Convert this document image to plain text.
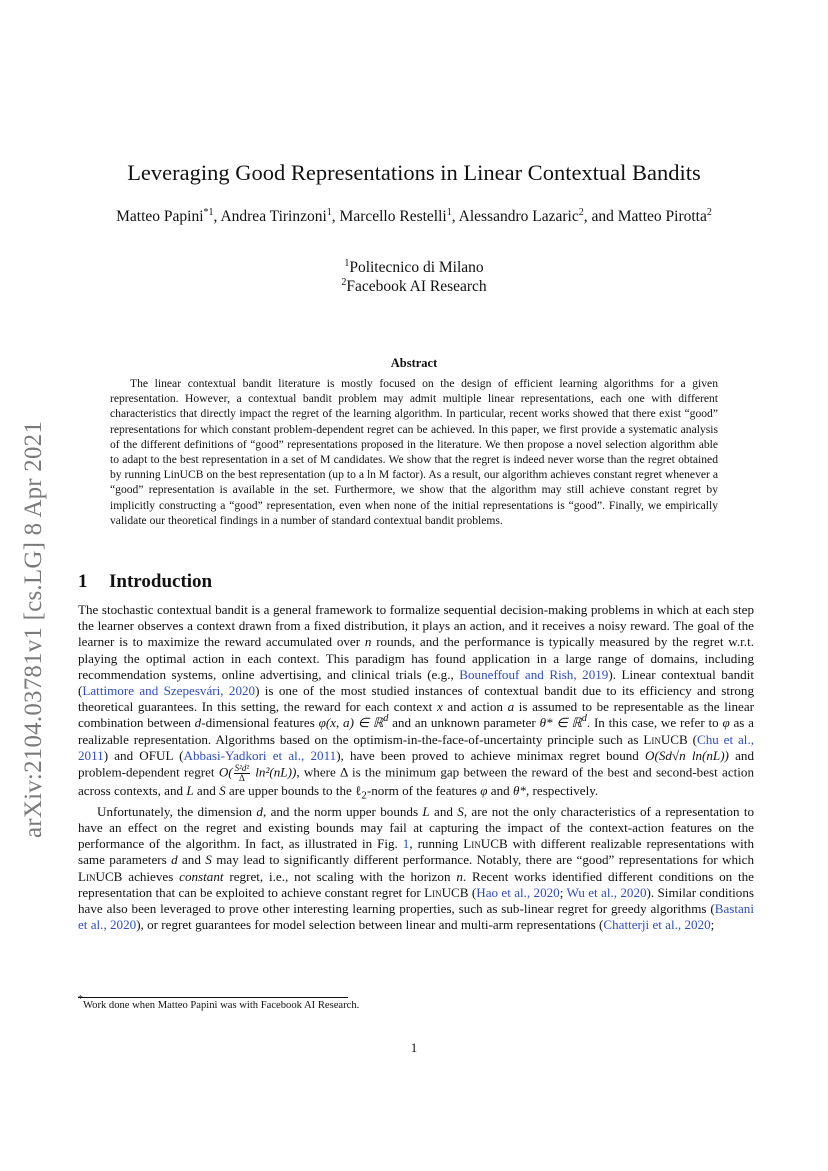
arXiv:2104.03781v1 [cs.LG] 8 Apr 2021
Leveraging Good Representations in Linear Contextual Bandits
Matteo Papini$^{*1}$, Andrea Tirinzoni$^1$, Marcello Restelli$^1$, Alessandro Lazaric$^2$, and Matteo Pirotta$^2$
$^1$Politecnico di Milano
$^2$Facebook AI Research
Abstract
The linear contextual bandit literature is mostly focused on the design of efficient learning algorithms for a given representation. However, a contextual bandit problem may admit multiple linear representations, each one with different characteristics that directly impact the regret of the learning algorithm. In particular, recent works showed that there exist “good” representations for which constant problem-dependent regret can be achieved. In this paper, we first provide a systematic analysis of the different definitions of “good” representations proposed in the literature. We then propose a novel selection algorithm able to adapt to the best representation in a set of M candidates. We show that the regret is indeed never worse than the regret obtained by running LinUCB on the best representation (up to a ln M factor). As a result, our algorithm achieves constant regret whenever a “good” representation is available in the set. Furthermore, we show that the algorithm may still achieve constant regret by implicitly constructing a “good” representation, even when none of the initial representations is “good”. Finally, we empirically validate our theoretical findings in a number of standard contextual bandit problems.
1 Introduction

The stochastic contextual bandit is a general framework to formalize sequential decision-making problems in which at each step the learner observes a context drawn from a fixed distribution, it plays an action, and it receives a noisy reward. The goal of the learner is to maximize the reward accumulated over n rounds, and the performance is typically measured by the regret w.r.t. playing the optimal action in each context. This paradigm has found application in a large range of domains, including recommendation systems, online advertising, and clinical trials (e.g., Bouneffouf and Rish, 2019). Linear contextual bandit (Lattimore and Szepesvári, 2020) is one of the most studied instances of contextual bandit due to its efficiency and strong theoretical guarantees. In this setting, the reward for each context x and action a is assumed to be representable as the linear combination between d-dimensional features φ(x, a) ∈ ℝ$^d$ and an unknown parameter θ* ∈ ℝ$^d$. In this case, we refer to φ as a realizable representation. Algorithms based on the optimism-in-the-face-of-uncertainty principle such as LinUCB (Chu et al., 2011) and OFUL (Abbasi-Yadkori et al., 2011), have been proved to achieve minimax regret bound O(Sd√n ln(nL)) and problem-dependent regret $O( \frac{\text{S²d²}}{\Delta} \ln^2(nL))$, where Δ is the minimum gap between the reward of the best and second-best action across contexts, and L and S are upper bounds to the ℓ$_2$-norm of the features φ and θ*, respectively.

Unfortunately, the dimension d, and the norm upper bounds L and S, are not the only characteristics of a representation to have an effect on the regret and existing bounds may fail at capturing the impact of the context-action features on the performance of the algorithm. In fact, as illustrated in Fig. 1, running LinUCB with different realizable representations with same parameters d and S may lead to significantly different performance. Notably, there are “good” representations for which LinUCB achieves constant regret, i.e., not scaling with the horizon n. Recent works identified different conditions on the representation that can be exploited to achieve constant regret for LinUCB (Hao et al., 2020; Wu et al., 2020). Similar conditions have also been leveraged to prove other interesting learning properties, such as sub-linear regret for greedy algorithms (Bastani et al., 2020), or regret guarantees for model selection between linear and multi-arm representations (Chatterji et al., 2020;

*Work done when Matteo Papini was with Facebook AI Research.
1
